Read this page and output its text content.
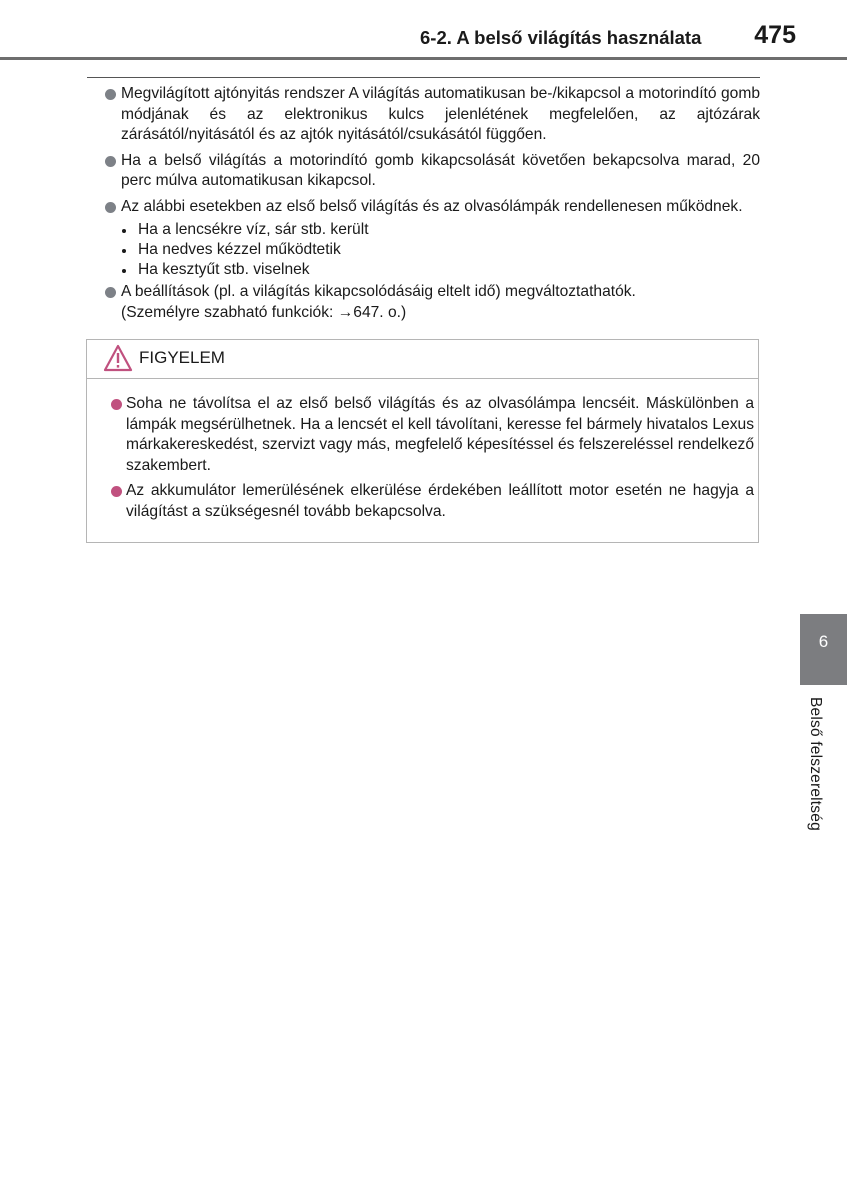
6-2. A belső világítás használata	475
Megvilágított ajtónyitás rendszer A világítás automatikusan be-/kikapcsol a motorindító gomb módjának és az elektronikus kulcs jelenlétének megfelelően, az ajtózárak zárásától/nyitásától és az ajtók nyitásától/csukásától függően.
Ha a belső világítás a motorindító gomb kikapcsolását követően bekapcsolva marad, 20 perc múlva automatikusan kikapcsol.
Az alábbi esetekben az első belső világítás és az olvasólámpák rendellenesen működnek.
Ha a lencsékre víz, sár stb. került
Ha nedves kézzel működtetik
Ha kesztyűt stb. viselnek
A beállítások (pl. a világítás kikapcsolódásáig eltelt idő) megváltoztathatók.
(Személyre szabható funkciók: →647. o.)
FIGYELEM
Soha ne távolítsa el az első belső világítás és az olvasólámpa lencséit. Máskülönben a lámpák megsérülhetnek. Ha a lencsét el kell távolítani, keresse fel bármely hivatalos Lexus márkakereskedést, szervizt vagy más, megfelelő képesítéssel és felszereléssel rendelkező szakembert.
Az akkumulátor lemerülésének elkerülése érdekében leállított motor esetén ne hagyja a világítást a szükségesnél tovább bekapcsolva.
6
Belső felszereltség
